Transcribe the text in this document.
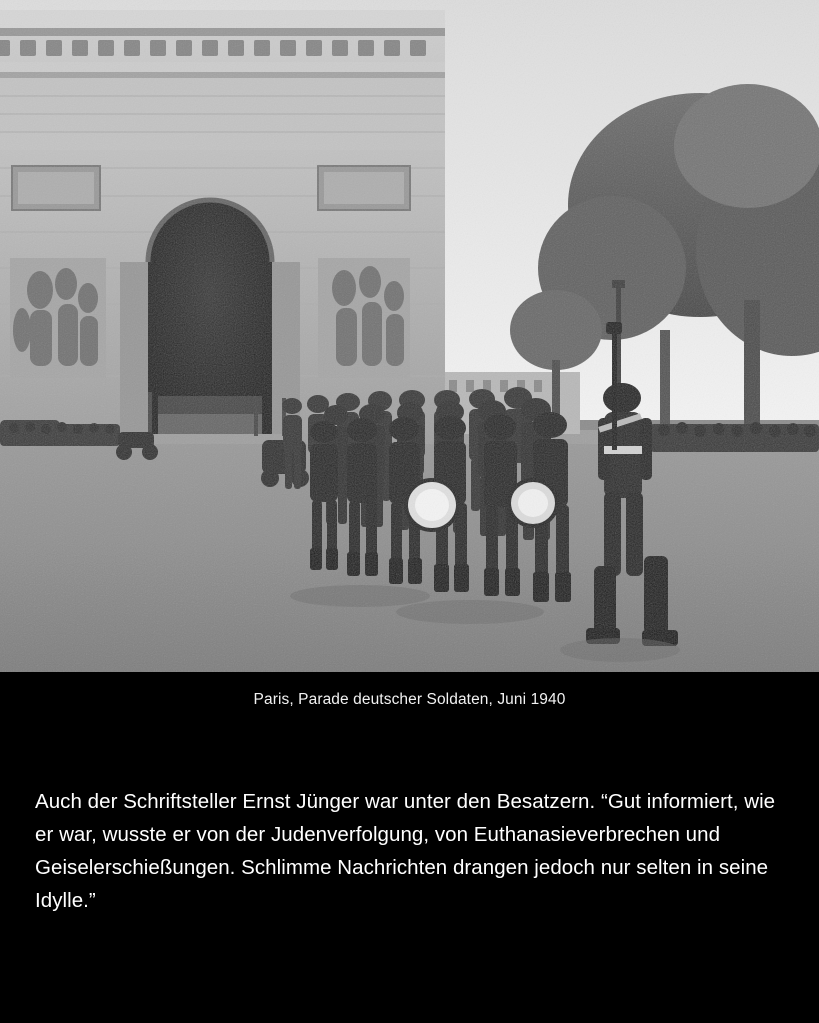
Paris, Parade deutscher Soldaten, Juni 1940

Auch der Schriftsteller Ernst Jünger war unter den Besatzern. “Gut informiert, wie er war, wusste er von der Judenverfolgung, von Euthanasieverbrechen und Geiselerschießungen. Schlimme Nachrichten drangen jedoch nur selten in seine Idylle.”
